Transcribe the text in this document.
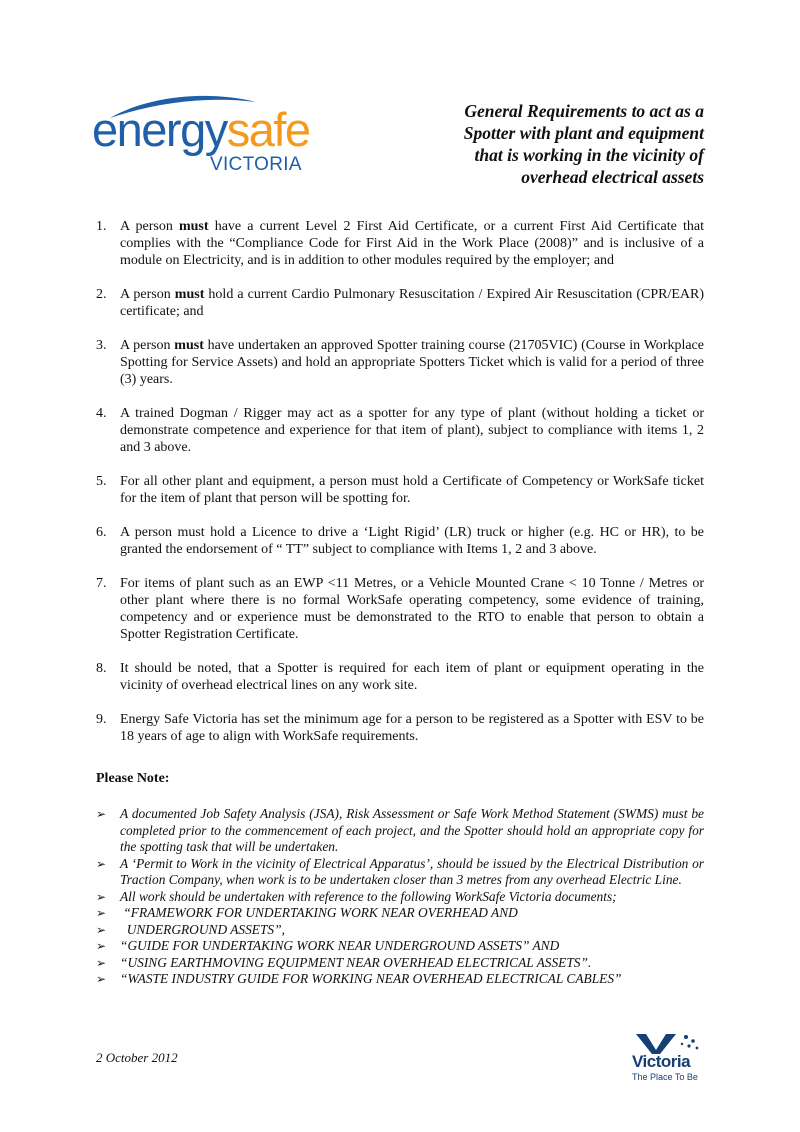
energysafe
VICTORIA
General Requirements to act as a
Spotter with plant and equipment
that is working in the vicinity of
overhead electrical assets
1. A person must have a current Level 2 First Aid Certificate, or a current First Aid Certificate that complies with the “Compliance Code for First Aid in the Work Place (2008)” and is inclusive of a module on Electricity, and is in addition to other modules required by the employer; and
2. A person must hold a current Cardio Pulmonary Resuscitation / Expired Air Resuscitation (CPR/EAR) certificate; and
3. A person must have undertaken an approved Spotter training course (21705VIC) (Course in Workplace Spotting for Service Assets) and hold an appropriate Spotters Ticket which is valid for a period of three (3) years.
4. A trained Dogman / Rigger may act as a spotter for any type of plant (without holding a ticket or demonstrate competence and experience for that item of plant), subject to compliance with items 1, 2 and 3 above.
5. For all other plant and equipment, a person must hold a Certificate of Competency or WorkSafe ticket for the item of plant that person will be spotting for.
6. A person must hold a Licence to drive a ‘Light Rigid’ (LR) truck or higher (e.g. HC or HR), to be granted the endorsement of “ TT” subject to compliance with Items 1, 2 and 3 above.
7. For items of plant such as an EWP <11 Metres, or a Vehicle Mounted Crane < 10 Tonne / Metres or other plant where there is no formal WorkSafe operating competency, some evidence of training, competency and or experience must be demonstrated to the RTO to enable that person to obtain a Spotter Registration Certificate.
8. It should be noted, that a Spotter is required for each item of plant or equipment operating in the vicinity of overhead electrical lines on any work site.
9. Energy Safe Victoria has set the minimum age for a person to be registered as a Spotter with ESV to be 18 years of age to align with WorkSafe requirements.
Please Note:
➢ A documented Job Safety Analysis (JSA), Risk Assessment or Safe Work Method Statement (SWMS) must be completed prior to the commencement of each project, and the Spotter should hold an appropriate copy for the spotting task that will be undertaken.
➢ A ‘Permit to Work in the vicinity of Electrical Apparatus’, should be issued by the Electrical Distribution or Traction Company, when work is to be undertaken closer than 3 metres from any overhead Electric Line.
➢ All work should be undertaken with reference to the following WorkSafe Victoria documents;
➢ “FRAMEWORK FOR UNDERTAKING WORK NEAR OVERHEAD AND
➢ UNDERGROUND ASSETS”,
➢ “GUIDE FOR UNDERTAKING WORK NEAR UNDERGROUND ASSETS” AND
➢ “USING EARTHMOVING EQUIPMENT NEAR OVERHEAD ELECTRICAL ASSETS”.
➢ “WASTE INDUSTRY GUIDE FOR WORKING NEAR OVERHEAD ELECTRICAL CABLES”
2 October 2012	Victoria
The Place To Be
